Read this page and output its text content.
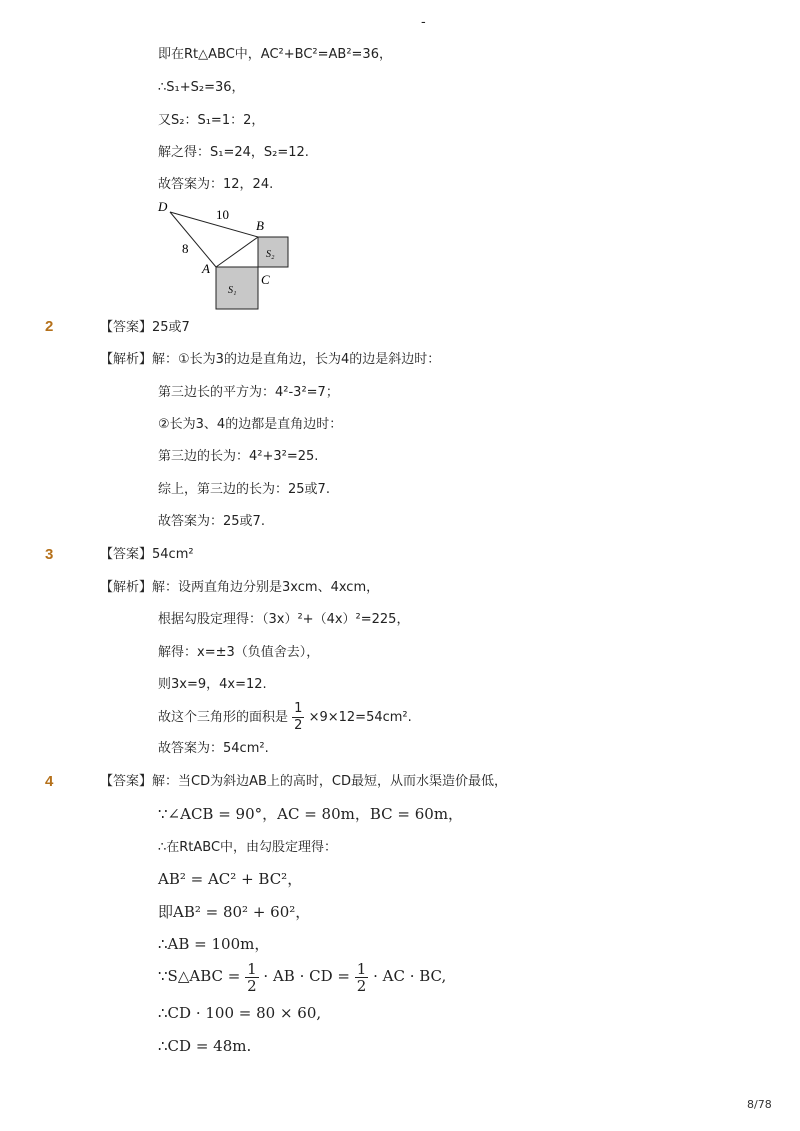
-
即在Rt△ABC中，AC²+BC²=AB²=36，
∴S₁+S₂=36，
又S₂：S₁=1：2，
解之得：S₁=24，S₂=12.
故答案为：12，24.
D
B
A
C
10
8	S₂
S₁
2	【答案】25或7
【解析】解：①长为3的边是直角边，长为4的边是斜边时：
第三边长的平方为：4²-3²=7；
②长为3、4的边都是直角边时：
第三边的长为：4²+3²=25.
综上，第三边的长为：25或7.
故答案为：25或7.
3	【答案】54cm²
【解析】解：设两直角边分别是3xcm、4xcm，
根据勾股定理得：（3x）²+（4x）²=225，
解得：x=±3（负值舍去），
则3x=9，4x=12.
故这个三角形的面积是 $\frac{1}{2} \times 9\times 12=54cm^2$.
故答案为：54cm².
4	【答案】解：当CD为斜边AB上的高时，CD最短，从而水渠造价最低，
∵∠ACB = 90°，AC = 80m，BC = 60m，
∴在RtABC中，由勾股定理得：
AB² = AC² + BC²，
即AB² = 80² + 60²，
∴AB = 100m，
∵S△ABC = $\frac{1}{2}$ · AB · CD = $\frac{1}{2}$ · AC · BC,
∴CD · 100 = 80 × 60,
∴CD = 48m.
8/78
